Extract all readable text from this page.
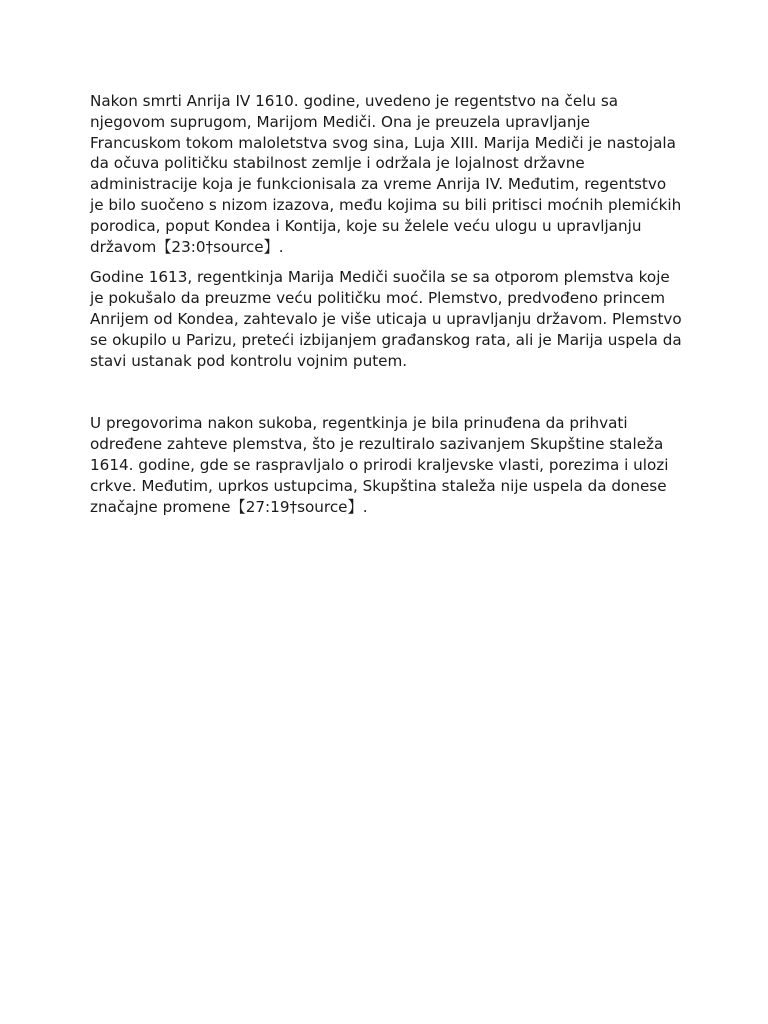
Nakon smrti Anrija IV 1610. godine, uvedeno je regentstvo na čelu sa
njegovom suprugom, Marijom Mediči. Ona je preuzela upravljanje
Francuskom tokom maloletstva svog sina, Luja XIII. Marija Mediči je nastojala
da očuva političku stabilnost zemlje i održala je lojalnost državne
administracije koja je funkcionisala za vreme Anrija IV. Međutim, regentstvo
je bilo suočeno s nizom izazova, među kojima su bili pritisci moćnih plemićkih
porodica, poput Kondea i Kontija, koje su želele veću ulogu u upravljanju
državom【23:0†source】.

Godine 1613, regentkinja Marija Mediči suočila se sa otporom plemstva koje
je pokušalo da preuzme veću političku moć. Plemstvo, predvođeno princem
Anrijem od Kondea, zahtevalo je više uticaja u upravljanju državom. Plemstvo
se okupilo u Parizu, preteći izbijanjem građanskog rata, ali je Marija uspela da
stavi ustanak pod kontrolu vojnim putem.

U pregovorima nakon sukoba, regentkinja je bila prinuđena da prihvati
određene zahteve plemstva, što je rezultiralo sazivanjem Skupštine staleža
1614. godine, gde se raspravljalo o prirodi kraljevske vlasti, porezima i ulozi
crkve. Međutim, uprkos ustupcima, Skupština staleža nije uspela da donese
značajne promene【27:19†source】.
